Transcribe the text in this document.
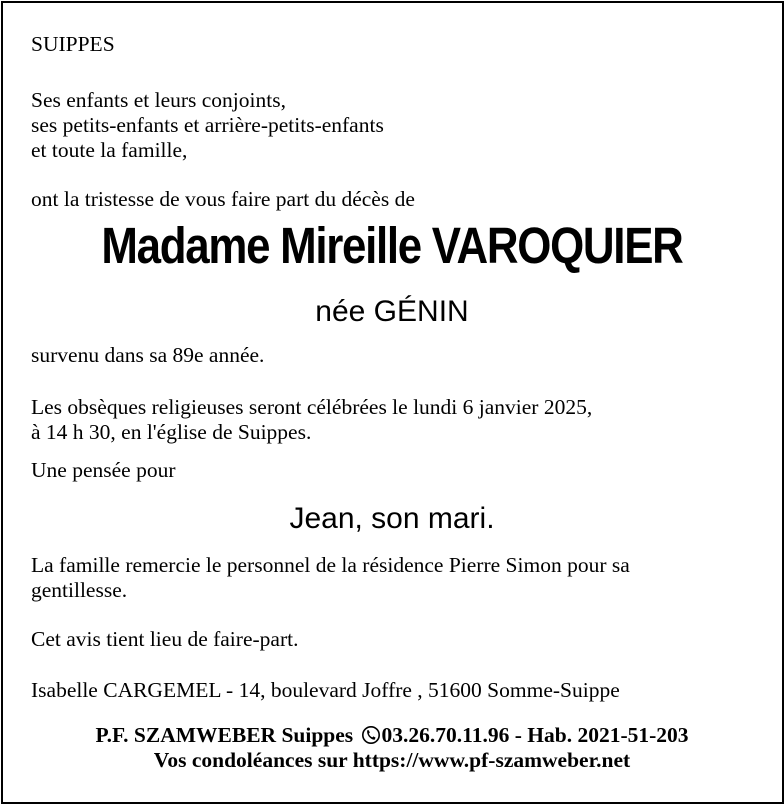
SUIPPES

Ses enfants et leurs conjoints,

ses petits-enfants et arrière-petits-enfants

et toute la famille,

ont la tristesse de vous faire part du décès de

Madame Mireille VAROQUIER

née GÉNIN

survenu dans sa 89e année.

Les obsèques religieuses seront célébrées le lundi 6 janvier 2025,

à 14 h 30, en l'église de Suippes.

Une pensée pour

Jean, son mari.

La famille remercie le personnel de la résidence Pierre Simon pour sa

gentillesse.

Cet avis tient lieu de faire-part.

Isabelle CARGEMEL - 14, boulevard Joffre , 51600 Somme-Suippe

P.F. SZAMWEBER Suippes 03.26.70.11.96 - Hab. 2021-51-203

Vos condoléances sur https://www.pf-szamweber.net
